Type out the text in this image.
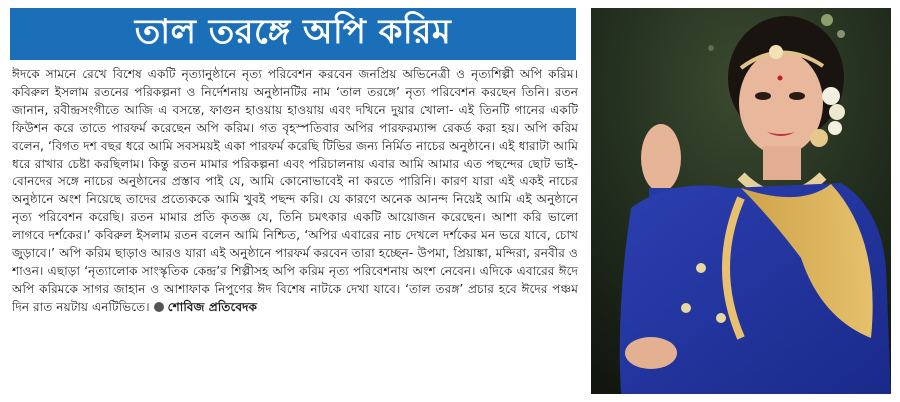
তাল তরঙ্গে অপি করিম

ঈদকে সামনে রেখে বিশেষ একটি নৃত্যানুষ্ঠানে নৃত্য পরিবেশন করবেন জনপ্রিয় অভিনেত্রী ও নৃত্যশিল্পী অপি করিম। কবিরুল ইসলাম রতনের পরিকল্পনা ও নির্দেশনায় অনুষ্ঠানটির নাম ‘তাল তরঙ্গে’ নৃত্য পরিবেশন করছেন তিনি। রতন জানান, রবীন্দ্রসংগীতে আজি এ বসন্তে, ফাগুন হাওয়ায় হাওয়ায় এবং দখিনে দুয়ার খোলা- এই তিনটি গানের একটি ফিউশন করে তাতে পারফর্ম করেছেন অপি করিম। গত বৃহস্পতিবার অপির পারফরম্যান্স রেকর্ড করা হয়। অপি করিম বলেন, ‘বিগত দশ বছর ধরে আমি সবসময়ই একা পারফর্ম করেছি টিভির জন্য নির্মিত নাচের অনুষ্ঠানে। এই ধারাটা আমি ধরে রাখার চেষ্টা করছিলাম। কিন্তু রতন মামার পরিকল্পনা এবং পরিচালনায় এবার আমি আমার এত পছন্দের ছোট ভাই-বোনদের সঙ্গে নাচের অনুষ্ঠানের প্রস্তাব পাই যে, আমি কোনোভাবেই না করতে পারিনি। কারণ যারা এই একই নাচের অনুষ্ঠানে অংশ নিয়েছে তাদের প্রত্যেককে আমি খুবই পছন্দ করি। যে কারণে অনেক আনন্দ নিয়েই আমি এই অনুষ্ঠানে নৃত্য পরিবেশন করেছি। রতন মামার প্রতি কৃতজ্ঞ যে, তিনি চমৎকার একটি আয়োজন করেছেন। আশা করি ভালো লাগবে দর্শকের।’ কবিরুল ইসলাম রতন বলেন আমি নিশ্চিত, ‘অপির এবারের নাচ দেখলে দর্শকের মন ভরে যাবে, চোখ জুড়াবে।’ অপি করিম ছাড়াও আরও যারা এই অনুষ্ঠানে পারফর্ম করবেন তারা হচ্ছেন- উপমা, প্রিয়াঙ্কা, মন্দিরা, রনবীর ও শাওন। এছাড়া ‘নৃত্যালোক সাংস্কৃতিক কেন্দ্র’র শিল্পীসহ অপি করিম নৃত্য পরিবেশনায় অংশ নেবেন। এদিকে এবারের ঈদে অপি করিমকে সাগর জাহান ও আশাফাক নিপুণের ঈদ বিশেষ নাটকে দেখা যাবে। ‘তাল তরঙ্গ’ প্রচার হবে ঈদের পঞ্চম দিন রাত নয়টায় এনটিভিতে। শোবিজ প্রতিবেদক
